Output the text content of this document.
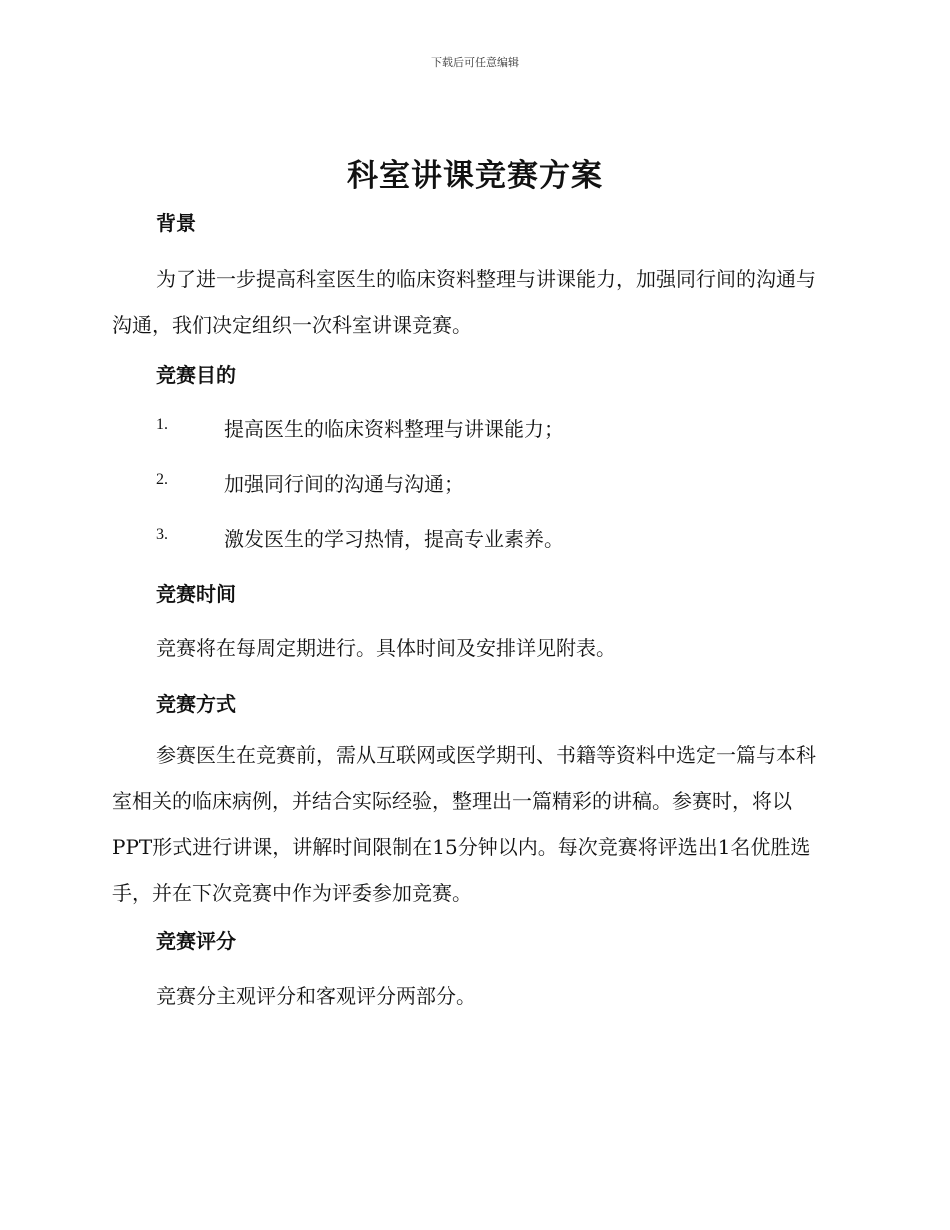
下载后可任意编辑
科室讲课竞赛方案
背景

为了进一步提高科室医生的临床资料整理与讲课能力，加强同行间的沟通与沟通，我们决定组织一次科室讲课竞赛。

竞赛目的
1.	提高医生的临床资料整理与讲课能力；
2.	加强同行间的沟通与沟通；
3.	激发医生的学习热情，提高专业素养。
竞赛时间
竞赛将在每周定期进行。具体时间及安排详见附表。
竞赛方式

参赛医生在竞赛前，需从互联网或医学期刊、书籍等资料中选定一篇与本科室相关的临床病例，并结合实际经验，整理出一篇精彩的讲稿。参赛时，将以PPT形式进行讲课，讲解时间限制在15分钟以内。每次竞赛将评选出1名优胜选手，并在下次竞赛中作为评委参加竞赛。

竞赛评分
竞赛分主观评分和客观评分两部分。
